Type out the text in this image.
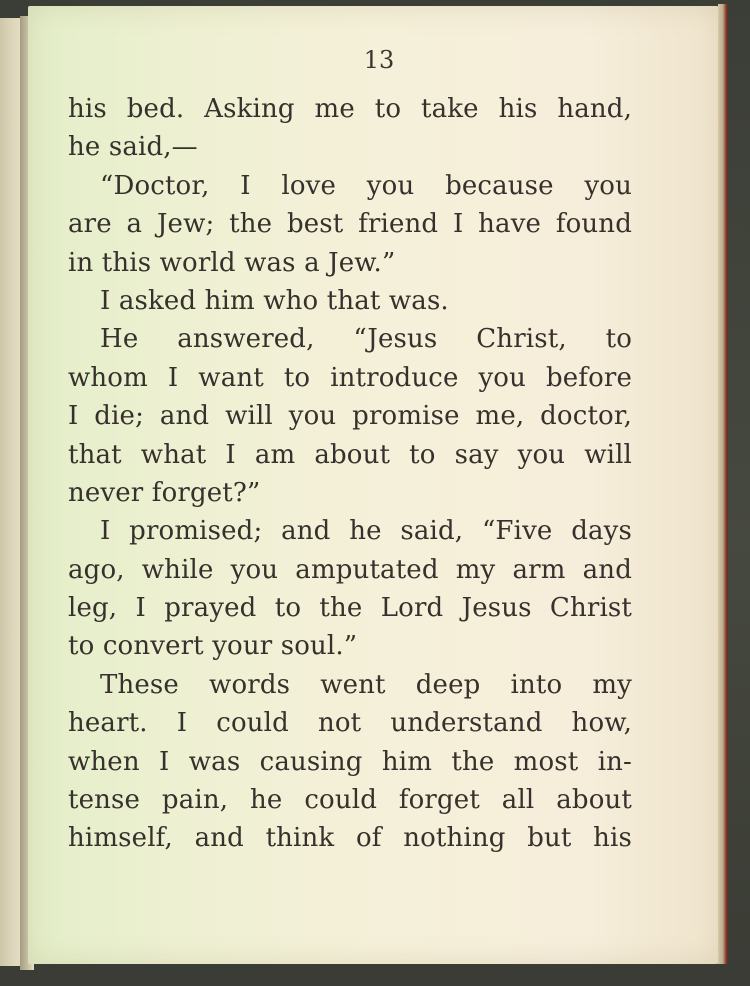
13
his bed. Asking me to take his hand,
he said,—
“Doctor, I love you because you
are a Jew; the best friend I have found
in this world was a Jew.”
I asked him who that was.
He answered, “Jesus Christ, to
whom I want to introduce you before
I die; and will you promise me, doctor,
that what I am about to say you will
never forget?”
I promised; and he said, “Five days
ago, while you amputated my arm and
leg, I prayed to the Lord Jesus Christ
to convert your soul.”
These words went deep into my
heart. I could not understand how,
when I was causing him the most in-
tense pain, he could forget all about
himself, and think of nothing but his
